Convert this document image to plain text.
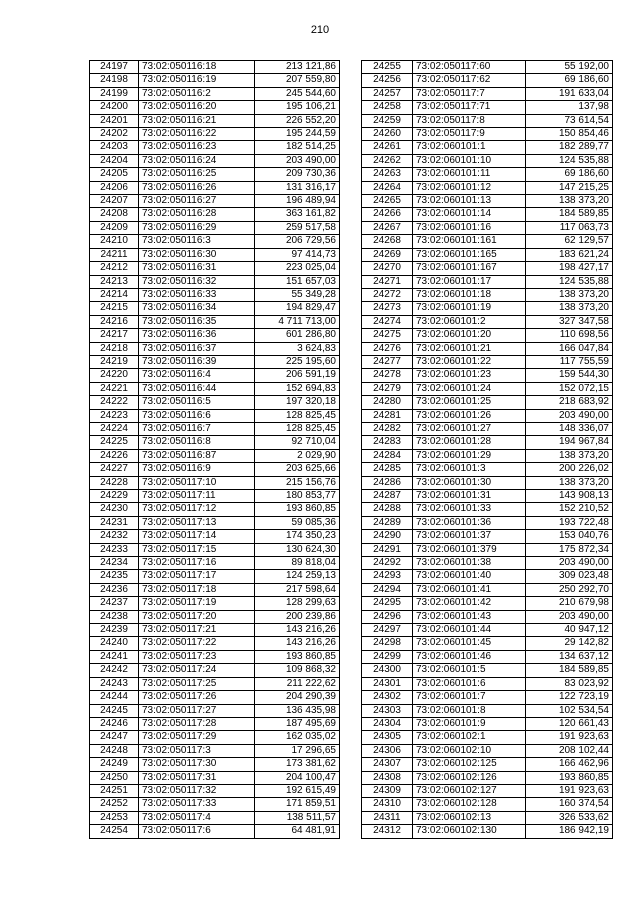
210
24197	73:02:050116:18	213 121,86
24198	73:02:050116:19	207 559,80
24199	73:02:050116:2	245 544,60
24200	73:02:050116:20	195 106,21
24201	73:02:050116:21	226 552,20
24202	73:02:050116:22	195 244,59
24203	73:02:050116:23	182 514,25
24204	73:02:050116:24	203 490,00
24205	73:02:050116:25	209 730,36
24206	73:02:050116:26	131 316,17
24207	73:02:050116:27	196 489,94
24208	73:02:050116:28	363 161,82
24209	73:02:050116:29	259 517,58
24210	73:02:050116:3	206 729,56
24211	73:02:050116:30	97 414,73
24212	73:02:050116:31	223 025,04
24213	73:02:050116:32	151 657,03
24214	73:02:050116:33	55 349,28
24215	73:02:050116:34	194 829,47
24216	73:02:050116:35	4 711 713,00
24217	73:02:050116:36	601 286,80
24218	73:02:050116:37	3 624,83
24219	73:02:050116:39	225 195,60
24220	73:02:050116:4	206 591,19
24221	73:02:050116:44	152 694,83
24222	73:02:050116:5	197 320,18
24223	73:02:050116:6	128 825,45
24224	73:02:050116:7	128 825,45
24225	73:02:050116:8	92 710,04
24226	73:02:050116:87	2 029,90
24227	73:02:050116:9	203 625,66
24228	73:02:050117:10	215 156,76
24229	73:02:050117:11	180 853,77
24230	73:02:050117:12	193 860,85
24231	73:02:050117:13	59 085,36
24232	73:02:050117:14	174 350,23
24233	73:02:050117:15	130 624,30
24234	73:02:050117:16	89 818,04
24235	73:02:050117:17	124 259,13
24236	73:02:050117:18	217 598,64
24237	73:02:050117:19	128 299,63
24238	73:02:050117:20	200 239,86
24239	73:02:050117:21	143 216,26
24240	73:02:050117:22	143 216,26
24241	73:02:050117:23	193 860,85
24242	73:02:050117:24	109 868,32
24243	73:02:050117:25	211 222,62
24244	73:02:050117:26	204 290,39
24245	73:02:050117:27	136 435,98
24246	73:02:050117:28	187 495,69
24247	73:02:050117:29	162 035,02
24248	73:02:050117:3	17 296,65
24249	73:02:050117:30	173 381,62
24250	73:02:050117:31	204 100,47
24251	73:02:050117:32	192 615,49
24252	73:02:050117:33	171 859,51
24253	73:02:050117:4	138 511,57
24254	73:02:050117:6	64 481,91
24255	73:02:050117:60	55 192,00
24256	73:02:050117:62	69 186,60
24257	73:02:050117:7	191 633,04
24258	73:02:050117:71	137,98
24259	73:02:050117:8	73 614,54
24260	73:02:050117:9	150 854,46
24261	73:02:060101:1	182 289,77
24262	73:02:060101:10	124 535,88
24263	73:02:060101:11	69 186,60
24264	73:02:060101:12	147 215,25
24265	73:02:060101:13	138 373,20
24266	73:02:060101:14	184 589,85
24267	73:02:060101:16	117 063,73
24268	73:02:060101:161	62 129,57
24269	73:02:060101:165	183 621,24
24270	73:02:060101:167	198 427,17
24271	73:02:060101:17	124 535,88
24272	73:02:060101:18	138 373,20
24273	73:02:060101:19	138 373,20
24274	73:02:060101:2	327 347,58
24275	73:02:060101:20	110 698,56
24276	73:02:060101:21	166 047,84
24277	73:02:060101:22	117 755,59
24278	73:02:060101:23	159 544,30
24279	73:02:060101:24	152 072,15
24280	73:02:060101:25	218 683,92
24281	73:02:060101:26	203 490,00
24282	73:02:060101:27	148 336,07
24283	73:02:060101:28	194 967,84
24284	73:02:060101:29	138 373,20
24285	73:02:060101:3	200 226,02
24286	73:02:060101:30	138 373,20
24287	73:02:060101:31	143 908,13
24288	73:02:060101:33	152 210,52
24289	73:02:060101:36	193 722,48
24290	73:02:060101:37	153 040,76
24291	73:02:060101:379	175 872,34
24292	73:02:060101:38	203 490,00
24293	73:02:060101:40	309 023,48
24294	73:02:060101:41	250 292,70
24295	73:02:060101:42	210 679,98
24296	73:02:060101:43	203 490,00
24297	73:02:060101:44	40 947,12
24298	73:02:060101:45	29 142,82
24299	73:02:060101:46	134 637,12
24300	73:02:060101:5	184 589,85
24301	73:02:060101:6	83 023,92
24302	73:02:060101:7	122 723,19
24303	73:02:060101:8	102 534,54
24304	73:02:060101:9	120 661,43
24305	73:02:060102:1	191 923,63
24306	73:02:060102:10	208 102,44
24307	73:02:060102:125	166 462,96
24308	73:02:060102:126	193 860,85
24309	73:02:060102:127	191 923,63
24310	73:02:060102:128	160 374,54
24311	73:02:060102:13	326 533,62
24312	73:02:060102:130	186 942,19
